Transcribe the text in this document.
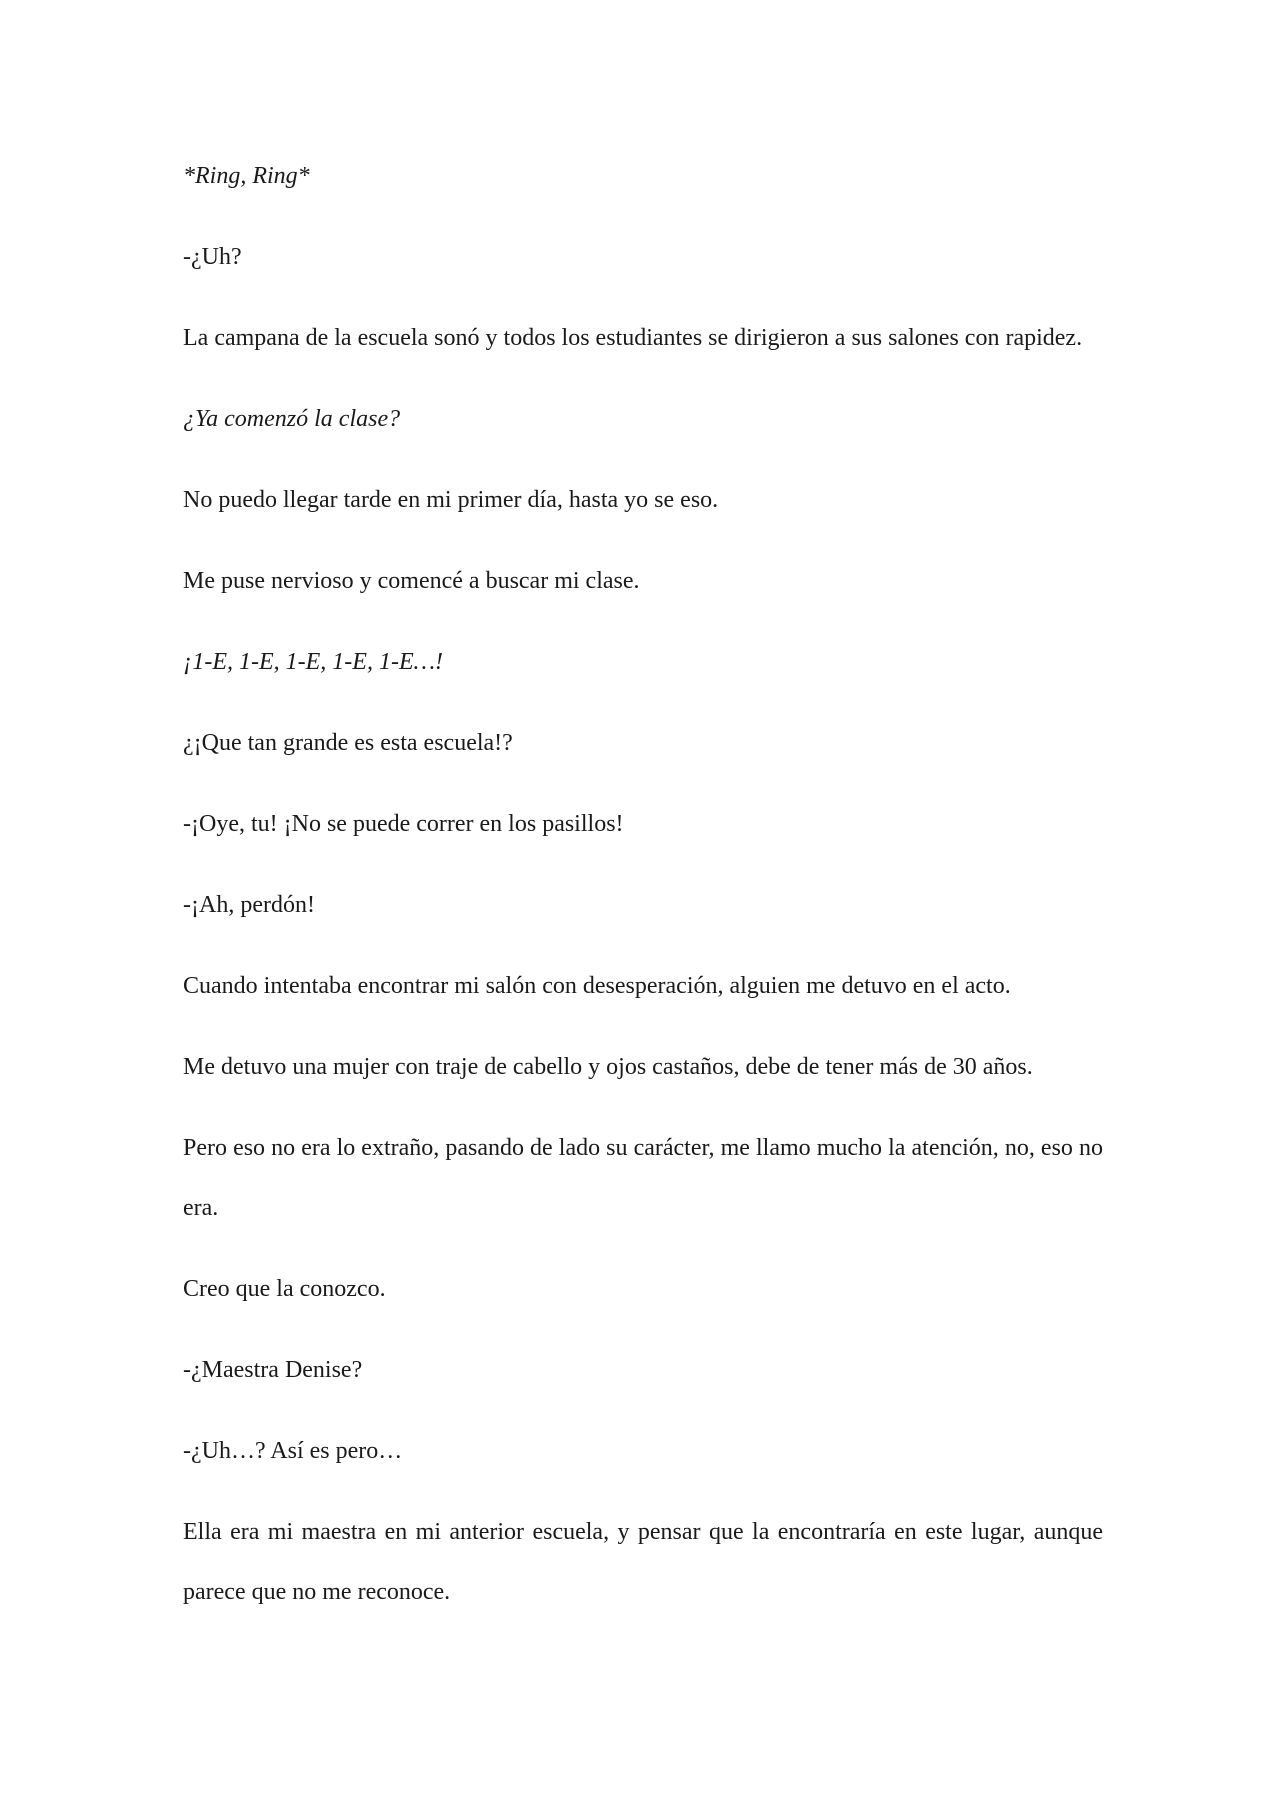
*Ring, Ring*

-¿Uh?

La campana de la escuela sonó y todos los estudiantes se dirigieron a sus salones con rapidez.

¿Ya comenzó la clase?

No puedo llegar tarde en mi primer día, hasta yo se eso.

Me puse nervioso y comencé a buscar mi clase.

¡1-E, 1-E, 1-E, 1-E, 1-E…!

¿¡Que tan grande es esta escuela!?

-¡Oye, tu! ¡No se puede correr en los pasillos!

-¡Ah, perdón!

Cuando intentaba encontrar mi salón con desesperación, alguien me detuvo en el acto.

Me detuvo una mujer con traje de cabello y ojos castaños, debe de tener más de 30 años.

Pero eso no era lo extraño, pasando de lado su carácter, me llamo mucho la atención, no, eso no era.

Creo que la conozco.

-¿Maestra Denise?

-¿Uh…? Así es pero…

Ella era mi maestra en mi anterior escuela, y pensar que la encontraría en este lugar, aunque parece que no me reconoce.
